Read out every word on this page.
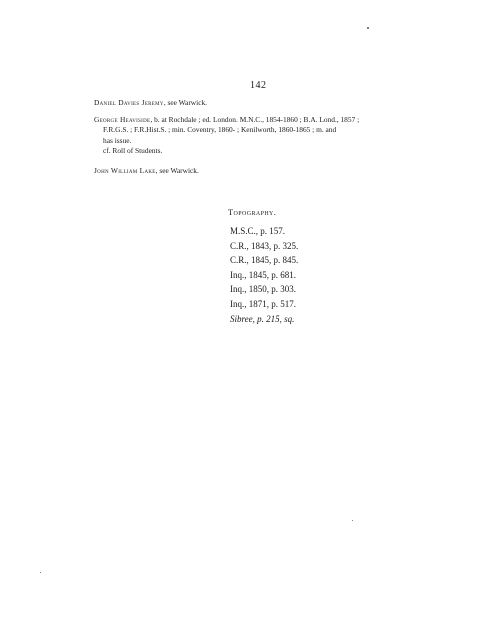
142
Daniel Davies Jeremy, see Warwick.
George Heaviside, b. at Rochdale ; ed. London. M.N.C., 1854-1860 ; B.A. Lond., 1857 ;
F.R.G.S. ; F.R.Hist.S. ; min. Coventry, 1860- ; Kenilworth, 1860-1865 ; m. and
has issue.
cf. Roll of Students.
John William Lake, see Warwick.
Topography.
M.S.C., p. 157.
C.R., 1843, p. 325.
C.R., 1845, p. 845.
Inq., 1845, p. 681.
Inq., 1850, p. 303.
Inq., 1871, p. 517.
Sibree, p. 215, sq.
